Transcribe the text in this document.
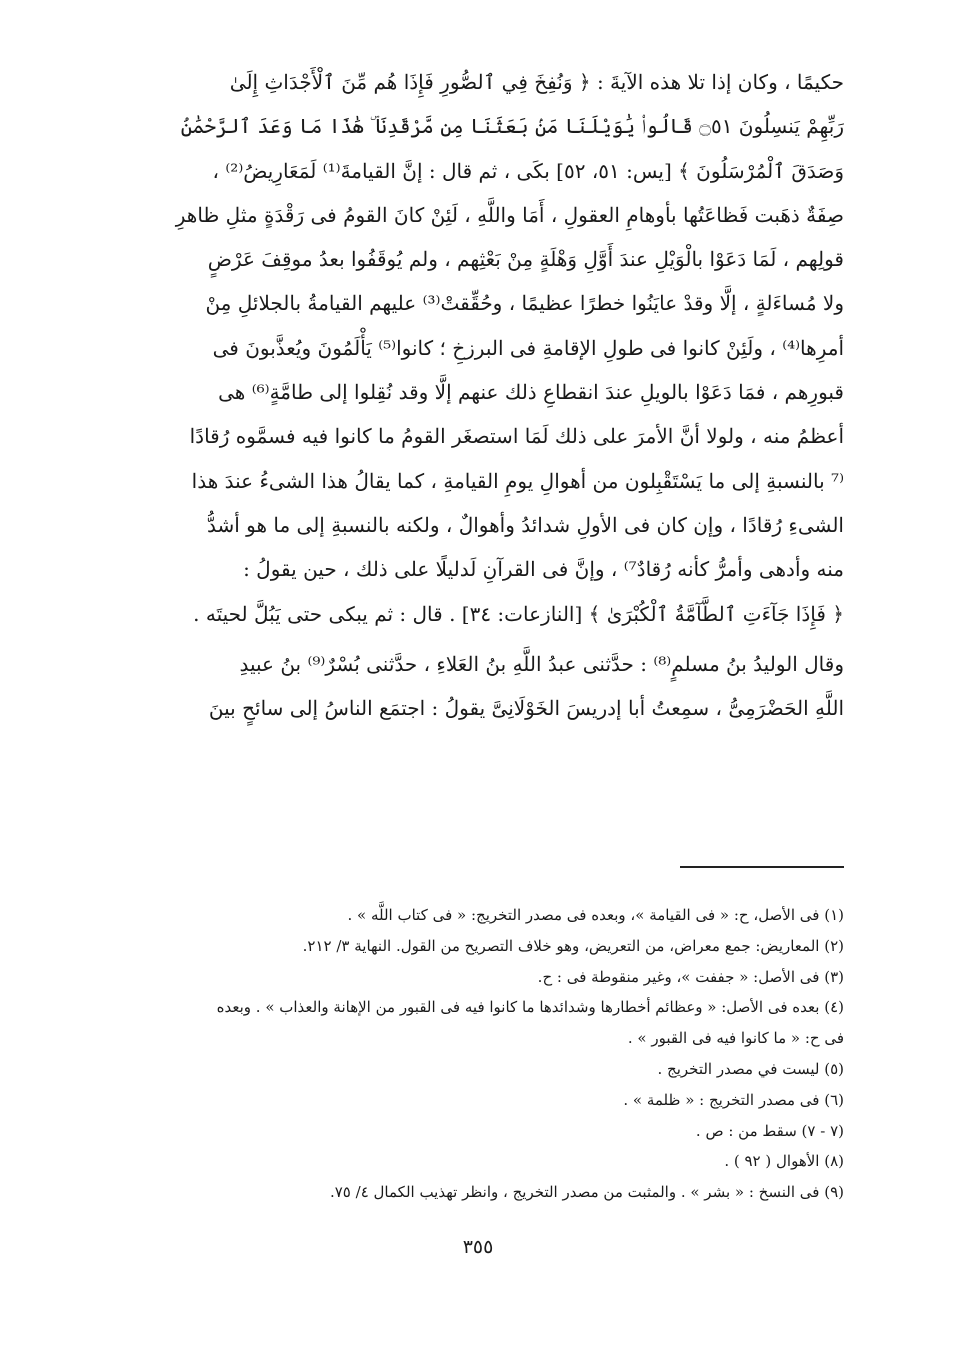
حكيمًا ، وكان إذا تلا هذه الآيةَ : ﴿ وَنُفِخَ فِي ٱلصُّورِ فَإِذَا هُم مِّنَ ٱلْأَجْدَاثِ إِلَىٰ
رَبِّهِمْ يَنسِلُونَ ۝٥١ قَالُوا۟ يَٰوَيْلَنَا مَنۢ بَعَثَنَا مِن مَّرْقَدِنَا ۜ هَٰذَا مَا وَعَدَ ٱلرَّحْمَٰنُ
وَصَدَقَ ٱلْمُرْسَلُونَ ﴾ [يس: ٥١، ٥٢] بكَى ، ثم قال : إنَّ القيامةَ⁽¹⁾ لَمَعَارِيضُ⁽²⁾ ،
صِفَةٌ ذهَبت فَظاعَتُها بأوهامِ العقولِ ، أَمَا واللَّهِ ، لَئِنْ كانَ القومُ فى رَقْدَةٍ مثلِ ظاهرِ
قولِهم ، لَمَا دَعَوْا بالْوَيْلِ عندَ أَوَّلِ وَهْلَةٍ مِنْ بَعْثِهم ، ولم يُوقَفُوا بعدُ موقِفَ عَرْضٍ
ولا مُساءَلةٍ ، إلَّا وقدْ عايَنُوا خطرًا عظيمًا ، وحُقِّقتْ⁽³⁾ عليهم القيامةُ بالجلائلِ مِنْ
أمرِها⁽⁴⁾ ، ولَئِنْ كانوا فى طولِ الإقامةِ فى البرزخِ ؛ كانوا⁽⁵⁾ يَأْلَمُونَ ويُعذَّبونَ فى
قبورِهم ، فمَا دَعَوْا بالويلِ عندَ انقطاعِ ذلك عنهم إلَّا وقد نُقِلوا إلى طامَّةٍ⁽⁶⁾ هى
أعظمُ منه ، ولولا أنَّ الأمرَ على ذلك لَمَا استصغَر القومُ ما كانوا فيه فسمَّوه رُقادًا
⁽⁷ بالنسبةِ إلى ما يَسْتَقْبِلون من أهوالِ يومِ القيامةِ ، كما يقالُ هذا الشىءُ عندَ هذا
الشىءِ رُقادًا ، وإن كان فى الأولِ شدائدُ وأهوالٌ ، ولكنه بالنسبةِ إلى ما هو أشدُّ
منه وأدهى وأمرُّ كأنه رُقادٌ⁷⁾ ، وإنَّ فى القرآنِ لَدليلًا على ذلك ، حين يقولُ :
﴿ فَإِذَا جَآءَتِ ٱلطَّآمَّةُ ٱلْكُبْرَىٰ ﴾ [النازعات: ٣٤] . قال : ثم يبكى حتى يَبُلَّ لحيتَه .
وقال الوليدُ بنُ مسلمٍ⁽⁸⁾ : حدَّثنى عبدُ اللَّهِ بنُ العَلاءِ ، حدَّثنى بُسْرٌ⁽⁹⁾ بنُ عبيدِ
اللَّهِ الحَضْرَمِىُّ ، سمِعتُ أبا إدريسَ الخَوْلَانِىَّ يقولُ : اجتمَع الناسُ إلى سائحٍ بينَ
(١) فى الأصل، ح: « فى القيامة »، وبعده فى مصدر التخريج: « فى كتاب اللَّه » .
(٢) المعاريض: جمع معراض، من التعريض، وهو خلاف التصريح من القول. النهاية ٣/ ٢١٢.
(٣) فى الأصل: « جففت »، وغير منقوطة فى : ح.
(٤) بعده فى الأصل: « وعظائم أخطارها وشدائدها ما كانوا فيه فى القبور من الإهانة والعذاب » . وبعده
فى ح: « ما كانوا فيه فى القبور » .
(٥) ليست في مصدر التخريج .
(٦) فى مصدر التخريج : « ظلمة » .
(٧ - ٧) سقط من : ص .
(٨) الأهوال ( ٩٢ ) .
(٩) فى النسخ : « بشر » . والمثبت من مصدر التخريج ، وانظر تهذيب الكمال ٤/ ٧٥.
٣٥٥
